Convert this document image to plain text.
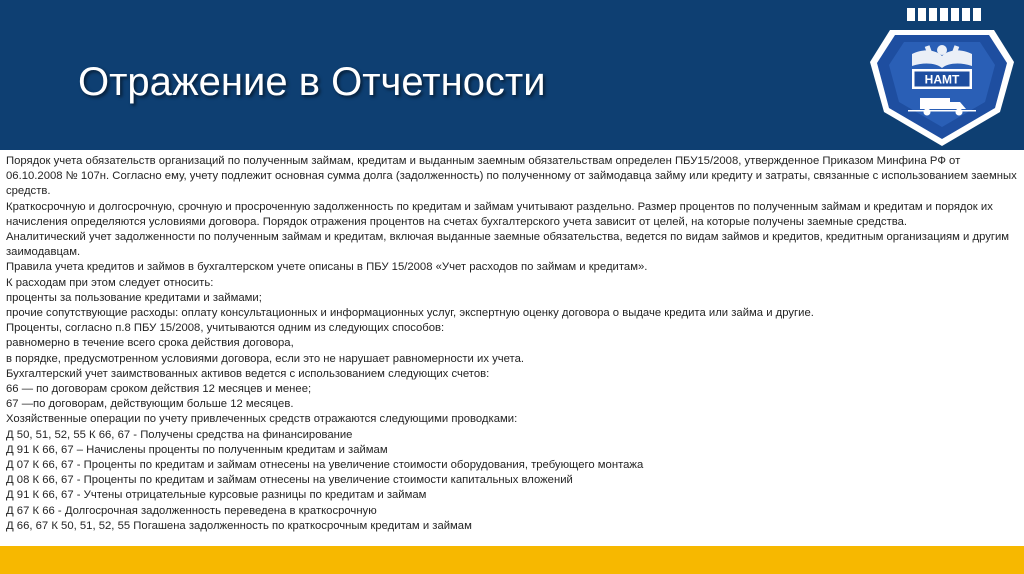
Отражение в Отчетности	НАМТ

Порядок учета обязательств организаций по полученным займам, кредитам и выданным заемным обязательствам определен ПБУ15/2008, утвержденное Приказом Минфина РФ от 06.10.2008 № 107н. Согласно ему, учету подлежит основная сумма долга (задолженность) по полученному от займодавца займу или кредиту и затраты, связанные с использованием заемных средств.

Краткосрочную и долгосрочную, срочную и просроченную задолженность по кредитам и займам учитывают раздельно. Размер процентов по полученным займам и кредитам и порядок их начисления определяются условиями договора. Порядок отражения процентов на счетах бухгалтерского учета зависит от целей, на которые получены заемные средства.

Аналитический учет задолженности по полученным займам и кредитам, включая выданные заемные обязательства, ведется по видам займов и кредитов, кредитным организациям и другим заимодавцам.

Правила учета кредитов и займов в бухгалтерском учете описаны в ПБУ 15/2008 «Учет расходов по займам и кредитам».

К расходам при этом следует относить:

проценты за пользование кредитами и займами;

прочие сопутствующие расходы: оплату консультационных и информационных услуг, экспертную оценку договора о выдаче кредита или займа и другие.

Проценты, согласно п.8 ПБУ 15/2008, учитываются одним из следующих способов:

равномерно в течение всего срока действия договора,

в порядке, предусмотренном условиями договора, если это не нарушает равномерности их учета.

Бухгалтерский учет заимствованных активов ведется с использованием следующих счетов:

66 — по договорам сроком действия 12 месяцев и менее;

67 —по договорам, действующим больше 12 месяцев.

Хозяйственные операции по учету привлеченных средств отражаются следующими проводками:

Д 50, 51, 52, 55 К 66, 67 - Получены средства на финансирование

Д 91 К 66, 67 – Начислены проценты по полученным кредитам и займам

Д 07 К 66, 67 - Проценты по кредитам и займам отнесены на увеличение стоимости оборудования, требующего монтажа

Д 08 К 66, 67 - Проценты по кредитам и займам отнесены на увеличение стоимости капитальных вложений

Д 91 К 66, 67 - Учтены отрицательные курсовые разницы по кредитам и займам

Д 67 К 66 - Долгосрочная задолженность переведена в краткосрочную

Д 66, 67 К 50, 51, 52, 55 Погашена задолженность по краткосрочным кредитам и займам
